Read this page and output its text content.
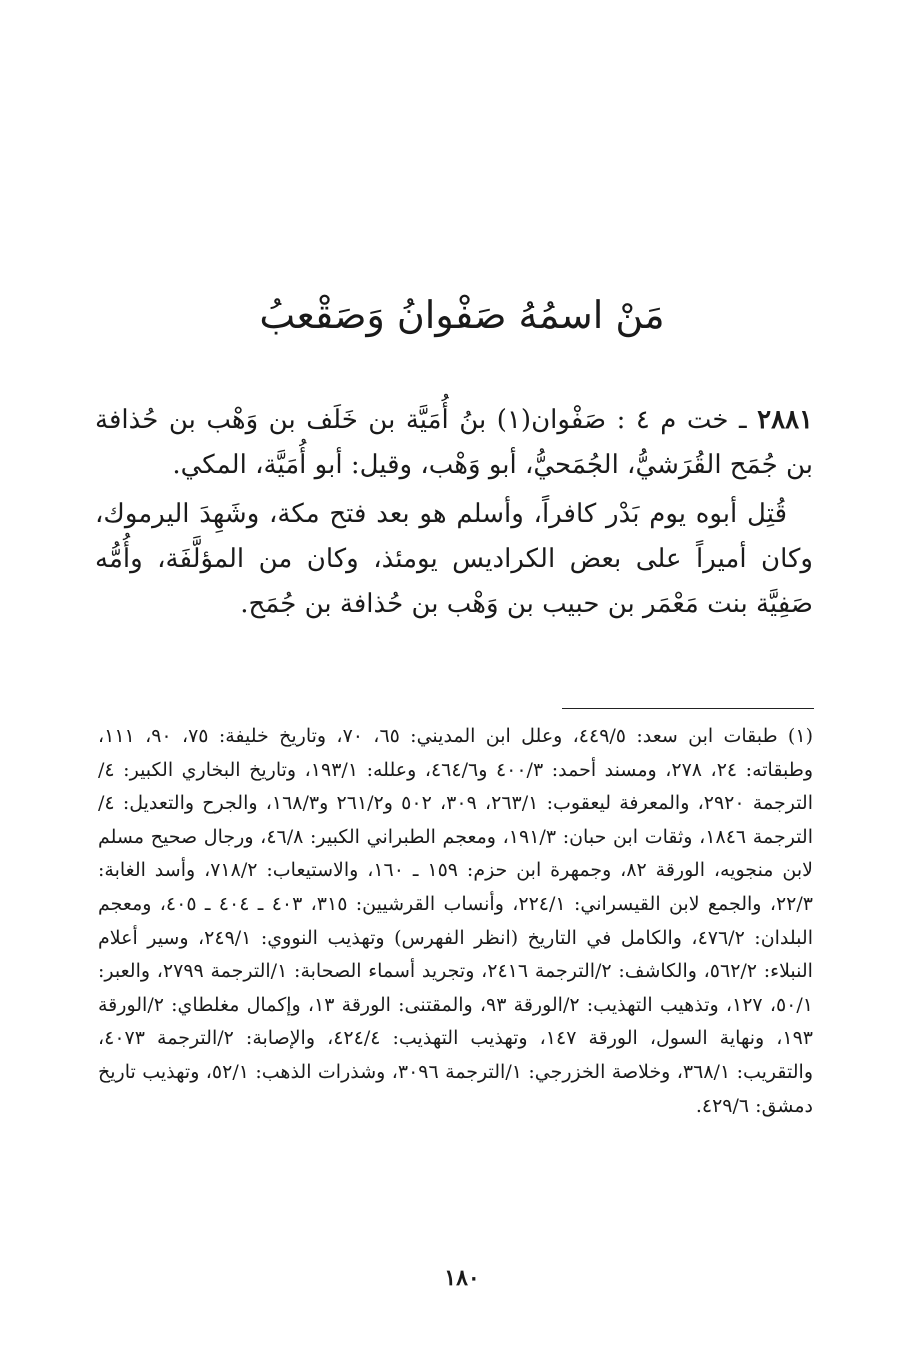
مَنْ اسمُهُ صَفْوانُ وَصَقْعبُ

٢٨٨١ ـ خت م ٤ : صَفْوان(١) بنُ أُمَيَّة بن خَلَف بن وَهْب بن حُذافة بن جُمَح القُرَشيُّ، الجُمَحيُّ، أبو وَهْب، وقيل: أبو أُمَيَّة، المكي.

قُتِل أبوه يوم بَدْر كافراً، وأسلم هو بعد فتح مكة، وشَهِدَ اليرموك، وكان أميراً على بعض الكراديس يومئذ، وكان من المؤلَّفَة، وأُمُّه صَفِيَّة بنت مَعْمَر بن حبيب بن وَهْب بن حُذافة بن جُمَح.

(١) طبقات ابن سعد: ٤٤٩/٥، وعلل ابن المديني: ٦٥، ٧٠، وتاريخ خليفة: ٧٥، ٩٠، ١١١، وطبقاته: ٢٤، ٢٧٨، ومسند أحمد: ٤٠٠/٣ و٤٦٤/٦، وعلله: ١٩٣/١، وتاريخ البخاري الكبير: ٤/الترجمة ٢٩٢٠، والمعرفة ليعقوب: ٢٦٣/١، ٣٠٩، ٥٠٢ و٢٦١/٢ و١٦٨/٣، والجرح والتعديل: ٤/الترجمة ١٨٤٦، وثقات ابن حبان: ١٩١/٣، ومعجم الطبراني الكبير: ٤٦/٨، ورجال صحيح مسلم لابن منجويه، الورقة ٨٢، وجمهرة ابن حزم: ١٥٩ ـ ١٦٠، والاستيعاب: ٧١٨/٢، وأسد الغابة: ٢٢/٣، والجمع لابن القيسراني: ٢٢٤/١، وأنساب القرشيين: ٣١٥، ٤٠٣ ـ ٤٠٤ ـ ٤٠٥، ومعجم البلدان: ٤٧٦/٢، والكامل في التاريخ (انظر الفهرس) وتهذيب النووي: ٢٤٩/١، وسير أعلام النبلاء: ٥٦٢/٢، والكاشف: ٢/الترجمة ٢٤١٦، وتجريد أسماء الصحابة: ١/الترجمة ٢٧٩٩، والعبر: ٥٠/١، ١٢٧، وتذهيب التهذيب: ٢/الورقة ٩٣، والمقتنى: الورقة ١٣، وإكمال مغلطاي: ٢/الورقة ١٩٣، ونهاية السول، الورقة ١٤٧، وتهذيب التهذيب: ٤٢٤/٤، والإصابة: ٢/الترجمة ٤٠٧٣، والتقريب: ٣٦٨/١، وخلاصة الخزرجي: ١/الترجمة ٣٠٩٦، وشذرات الذهب: ٥٢/١، وتهذيب تاريخ دمشق: ٤٢٩/٦.

١٨٠
